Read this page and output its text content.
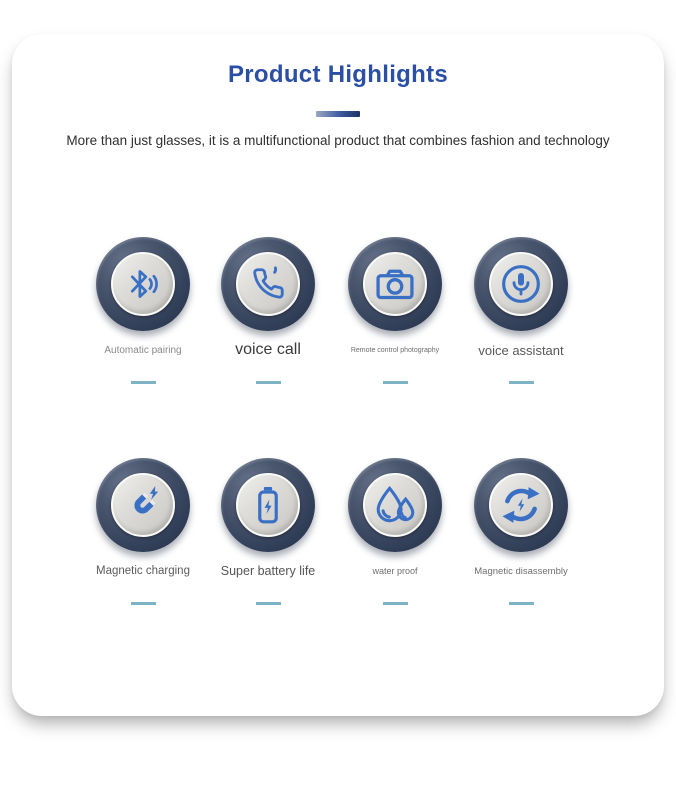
Product Highlights
More than just glasses, it is a multifunctional product that combines fashion and technology
Automatic pairing	voice call	Remote control photography	voice assistant
Magnetic charging	Super battery life	water proof	Magnetic disassembly
